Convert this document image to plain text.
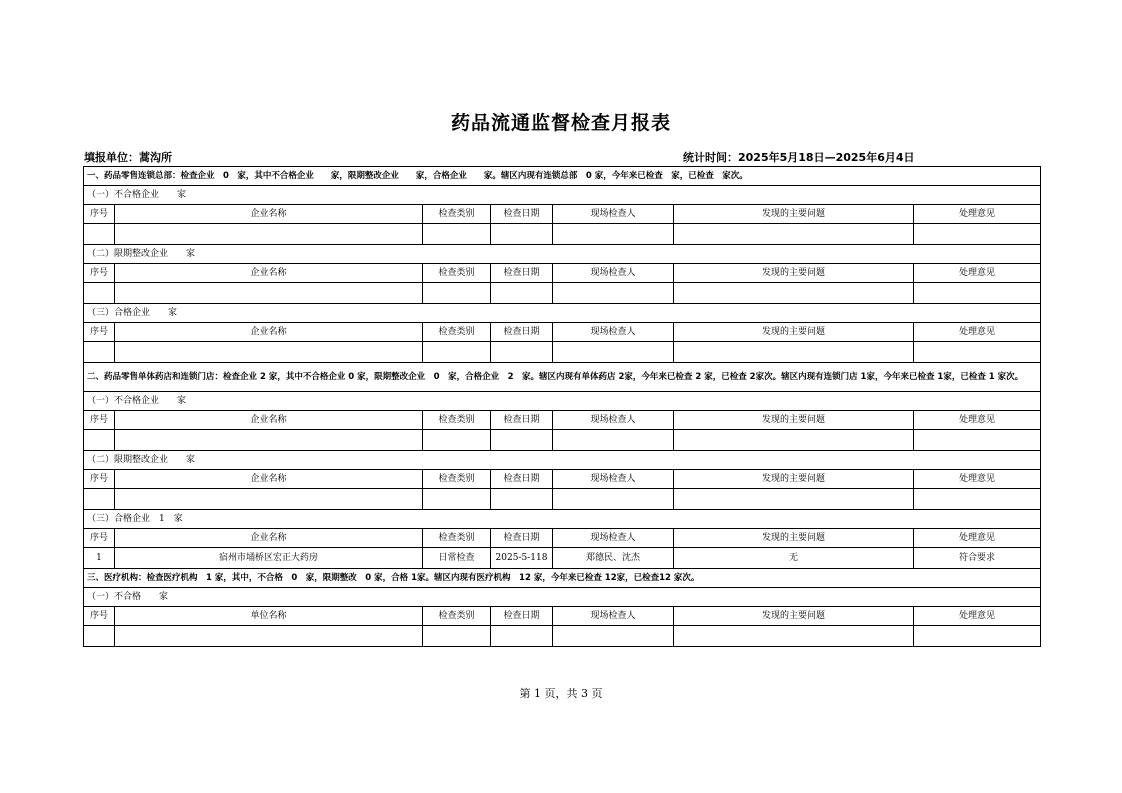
药品流通监督检查月报表
填报单位：蒿沟所	统计时间：2025年5月18日—2025年6月4日
一、药品零售连锁总部：检查企业　0　家，其中不合格企业　　家，限期整改企业　　家，合格企业　　家。辖区内现有连锁总部　0 家，今年来已检查　家，已检查　家次。						
（一）不合格企业　　家						
序号	企业名称	检查类别	检查日期	现场检查人	发现的主要问题	处理意见

（二）限期整改企业　　家						
序号	企业名称	检查类别	检查日期	现场检查人	发现的主要问题	处理意见

（三）合格企业　　家						
序号	企业名称	检查类别	检查日期	现场检查人	发现的主要问题	处理意见

二、药品零售单体药店和连锁门店：检查企业 2 家，其中不合格企业 0 家，限期整改企业　0　家，合格企业　2　家。辖区内现有单体药店 2家，今年来已检查 2 家，已检查 2家次。辖区内现有连锁门店 1家，今年来已检查 1家，已检查 1 家次。						
（一）不合格企业　　家						
序号	企业名称	检查类别	检查日期	现场检查人	发现的主要问题	处理意见

（二）限期整改企业　　家						
序号	企业名称	检查类别	检查日期	现场检查人	发现的主要问题	处理意见

（三）合格企业　1　家						
序号	企业名称	检查类别	检查日期	现场检查人	发现的主要问题	处理意见
1	宿州市埇桥区宏正大药房	日常检查	2025-5-118	郑德民、沈杰	无	符合要求
三、医疗机构：检查医疗机构　1 家，其中，不合格　0　家，限期整改　0 家，合格 1家。辖区内现有医疗机构　12 家，今年来已检查 12家，已检查12 家次。						
（一）不合格　　家						
序号	单位名称	检查类别	检查日期	现场检查人	发现的主要问题	处理意见

第 1 页，共 3 页
